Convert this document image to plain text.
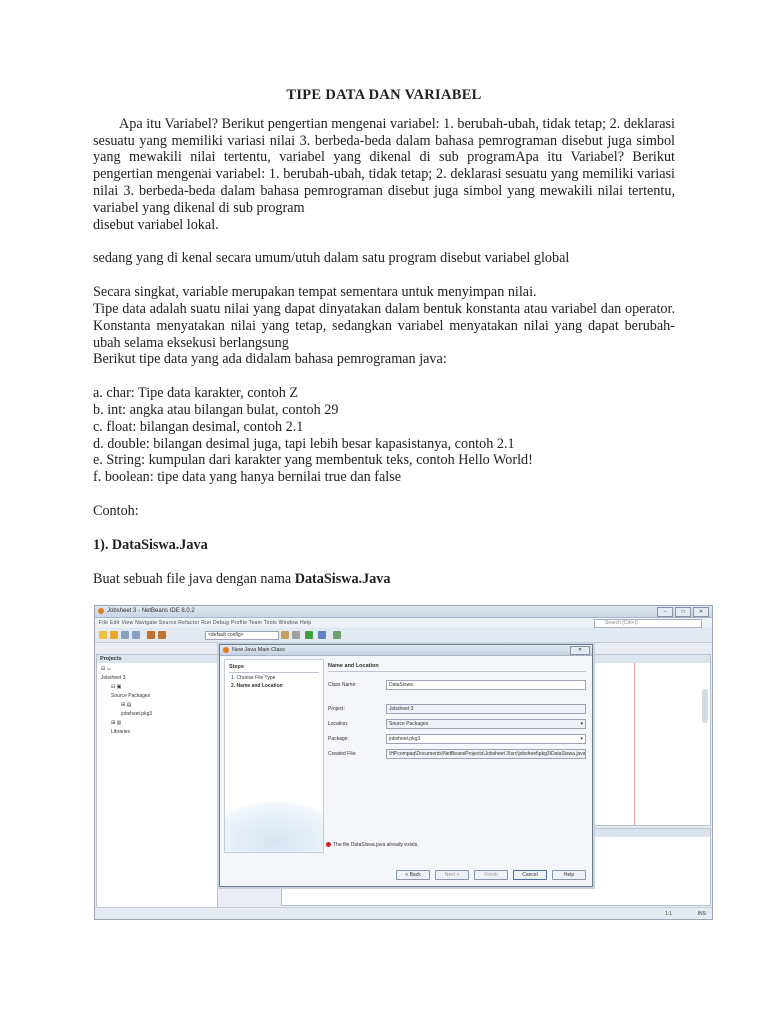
TIPE DATA DAN VARIABEL

Apa itu Variabel? Berikut pengertian mengenai variabel: 1. berubah-ubah, tidak tetap; 2. deklarasi sesuatu yang memiliki variasi nilai 3. berbeda-beda dalam bahasa pemrograman disebut juga simbol yang mewakili nilai tertentu, variabel yang dikenal di sub programApa itu Variabel? Berikut pengertian mengenai variabel: 1. berubah-ubah, tidak tetap; 2. deklarasi sesuatu yang memiliki variasi nilai 3. berbeda-beda dalam bahasa pemrograman disebut juga simbol yang mewakili nilai tertentu, variabel yang dikenal di sub program

disebut variabel lokal.

sedang yang di kenal secara umum/utuh dalam satu program disebut variabel global

Secara singkat, variable merupakan tempat sementara untuk menyimpan nilai.

Tipe data adalah suatu nilai yang dapat dinyatakan dalam bentuk konstanta atau variabel dan operator. Konstanta menyatakan nilai yang tetap, sedangkan variabel menyatakan nilai yang dapat berubah-ubah selama eksekusi berlangsung

Berikut tipe data yang ada didalam bahasa pemrograman java:

a. char: Tipe data karakter, contoh Z

b. int: angka atau bilangan bulat, contoh 29

c. float: bilangan desimal, contoh 2.1

d. double: bilangan desimal juga, tapi lebih besar kapasistanya, contoh 2.1

e. String: kumpulan dari karakter yang membentuk teks, contoh Hello World!

f. boolean: tipe data yang hanya bernilai true dan false

Contoh:

1). DataSiswa.Java

Buat sebuah file java dengan nama DataSiswa.Java

Jobsheet 3 - NetBeans IDE 8.0.2	–	□	✕
File Edit View Navigate Source Refactor Run Debug Profile Team Tools Window Help	Search (Ctrl+I)
<default config>
Projects
⊟ ☕
Jobsheet 3
⊟ ▣
Source Packages
⊞ ▤
jobsheet.pkg3
⊞ ▥
Libraries
1:1	INS
New Java Main Class	✕
Steps
1. Choose File Type
2. Name and Location
Name and Location
Class Name:	DataSiswa
Project:	Jobsheet 3
Location:	Source Packages	▾
Package:	jobsheet.pkg3	▾
Created File:	\HPcompaq\Documents\NetBeansProjects\Jobsheet 3\src\jobsheet\pkg3\DataSiswa.java
The file DataSiswa.java already exists.
< Back	Next >	Finish	Cancel	Help
